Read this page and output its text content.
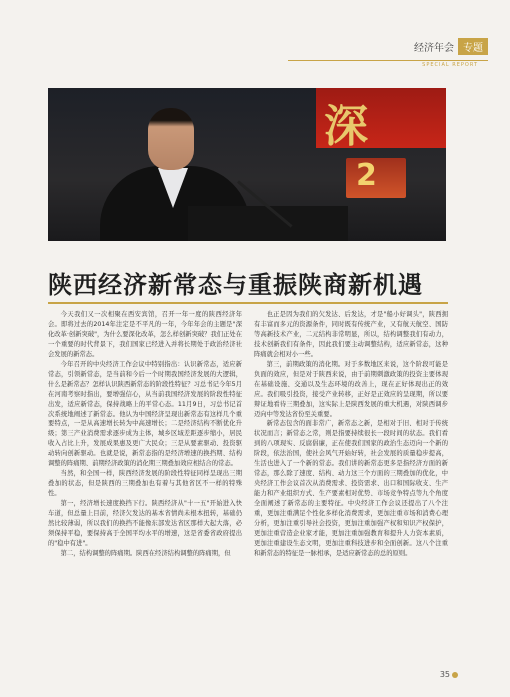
经济年会 专题
SPECIAL REPORT
深
2
陕西经济新常态与重振陕商新机遇

今天我们又一次相聚在西安宾馆，召开一年一度的陕西经济年会。即将过去的2014年注定是不平凡的一年，今年年会的主题是"深化改革·创新突破"，为什么要深化改革，怎么样创新突破？我们正处在一个重要的时代背景下，我们国家已经进入并将长期处于政治经济社会发展的新常态。

今年召开的中央经济工作会议中特别指出：认识新常态，适应新常态，引领新常态，是当前和今后一个时期我国经济发展的大逻辑，什么是新常态？怎样认识陕西新常态的阶段性特征？习总书记今年5月在河南考察时指出，要增强信心，从当前我国经济发展的阶段性特征出发，适应新常态，保持战略上的平常心态。11月9日，习总书记首次系统地阐述了新常态。他认为中国经济呈现出新常态有这样几个重要特点，一是从高速增长转为中高速增长；二是经济结构不断优化升级；第三产业消费需求逐步成为主体，城乡区域差距逐步缩小，居民收入占比上升，发展成果惠及更广大民众；三是从要素驱动、投资驱动转向创新驱动。也就是说，新常态指的是经济增速的换挡期、结构调整的阵痛期、前期经济政策的消化期三期叠加效应相结合的常态。

当然，和全国一样，陕西经济发展的阶段性特征同样呈现出三期叠加的状态，但是陕西的三期叠加也有着与其他省区不一样的特殊性。

第一，经济增长速度换挡下行。陕西经济从"十一五"开始进入快车道，但总量上目前，经济欠发达的基本省情尚未根本扭转，基础仍然比较薄弱，所以我们的换挡不能像东部发达省区那样大起大落，必须保持平稳，要保持高于全国平均水平的增速，这是省委省政府提出的"稳中有进"。

第二，结构调整的阵痛期。陕西在经济结构调整的阵痛期，但

也正是因为我们的欠发达、后发达，才是"船小好调头"，陕西拥有丰富而多元的资源条件，同时既有传统产业，又有航天航空、国防等高新技术产业，二元结构非常明显，所以，结构调整我们有动力，技术创新我们有条件，因此我们要主动调整结构，适应新常态，这种阵痛就会相对小一些。

第三，前期政策的消化期。对于多数地区来说，这个阶段可能是负面的效应，但是对于陕西来说，由于前期刺激政策的投资主要体现在基础设施、交通以及生态环境的改善上，现在正好体现出正的效应。我们吸引投资，接受产业转移，正好是正效应的呈现期，所以要辩证地看待三期叠加，这实际上是陕西发展的重大机遇，对陕西调步迈向中等发达省份至关重要。

新常态包含的面非常广，新常态之新，是相对于旧、相对于传统状况而言；新常态之常，则是指要持续很长一段时间的状态。我们看到的八项现实、反腐倡廉，正在使我们国家的政治生态迈向一个新的阶段，依法治国，使社会风气开始好转，社会发展的质量稳步提高，生活也进入了一个新的常态。我们讲的新常态更多是指经济方面的新常态，那么除了速度、结构、动力这三个方面的三期叠加的优化，中央经济工作会议首次从消费需求、投资需求、出口和国际收支、生产能力和产业组织方式、生产要素相对优势、市场竞争特点等九个角度全面阐述了新常态的主要特征。中央经济工作会议还提出了八个注重，更加注重满足个性化多样化消费需求，更加注重市场和消费心理分析，更加注重引导社会投资，更加注重加强产权和知识产权保护，更加注重营造企业家才能，更加注重加强教育和提升人力资本素质，更加注重建设生态文明，更加注重科技进步和全面创新。这八个注重和新常态的特征是一脉相承，是适应新常态的总的原则。

35
